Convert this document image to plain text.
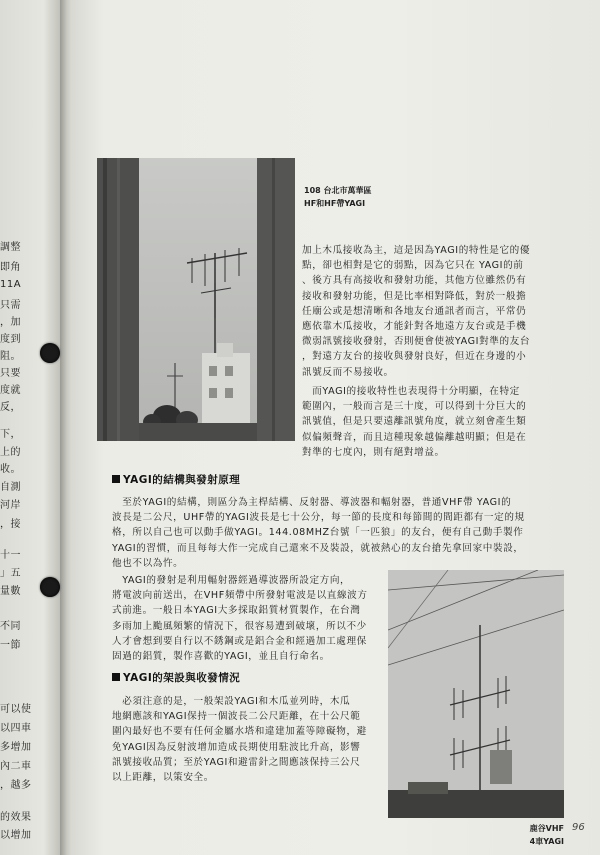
調整
即角
11A
只需
，加
度到
阻。
只要
度就
反，
下，
上的
收。
自測
河岸
，接
十一
」五
量數
不同
一節
可以使
以四車
多增加
內二車
，越多
的效果
以增加
108 台北市萬華區
HF和HF帶YAGI
加上木瓜接收為主，這是因為YAGI的特性是它的優
點，卻也相對是它的弱點，因為它只在 YAGI的前
、後方具有高接收和發射功能，其他方位雖然仍有
接收和發射功能，但是比率相對降低，對於一般擔
任廟公或是想清晰和各地友台通訊者而言，平常仍
應依靠木瓜接收，才能針對各地遠方友台或是手機
微弱訊號接收發射，否則便會使被YAGI對準的友台
，對遠方友台的接收與發射良好，但近在身邊的小
訊號反而不易接收。
　而YAGI的接收特性也表現得十分明顯，在特定
範圍內，一般而言是三十度，可以得到十分巨大的
訊號值，但是只要遠離訊號角度，就立刻會產生類
似偏頻聲音，而且這種現象越偏離越明顯；但是在
對準的七度內，則有絕對增益。
YAGI的結構與發射原理
　至於YAGI的結構，則區分為主桿結構、反射器、導波器和輻射器，普通VHF帶 YAGI的
波長是二公尺，UHF帶的YAGI波長是七十公分，每一節的長度和每節間的間距都有一定的規
格，所以自己也可以動手做YAGI。144.08MHZ台號「一匹狼」的友台，便有自己動手製作
YAGI的習慣，而且每每大作一完成自己還來不及裝設，就被熱心的友台搶先拿回家中裝設，
他也不以為忤。
　YAGI的發射是利用輻射器經過導波器所設定方向，
將電波向前送出，在VHF頻帶中所發射電波是以直線波方
式前進。一般日本YAGI大多採取鋁質材質製作，在台灣
多雨加上颱風頻繁的情況下，很容易遭到破壞，所以不少
人才會想到要自行以不銹鋼或是鋁合金和經過加工處理保
固過的鋁質，製作喜歡的YAGI，並且自行命名。
YAGI的架設與收發情況
　必須注意的是，一般架設YAGI和木瓜並列時，木瓜
地網應該和YAGI保持一個波長二公尺距離，在十公尺範
圍內最好也不要有任何金屬水塔和違建加蓋等障礙物，避
免YAGI因為反射波增加造成長期使用駐波比升高，影響
訊號接收品質；至於YAGI和避雷針之間應該保持三公尺
以上距離，以策安全。
鹿谷VHF
4車YAGI
96
